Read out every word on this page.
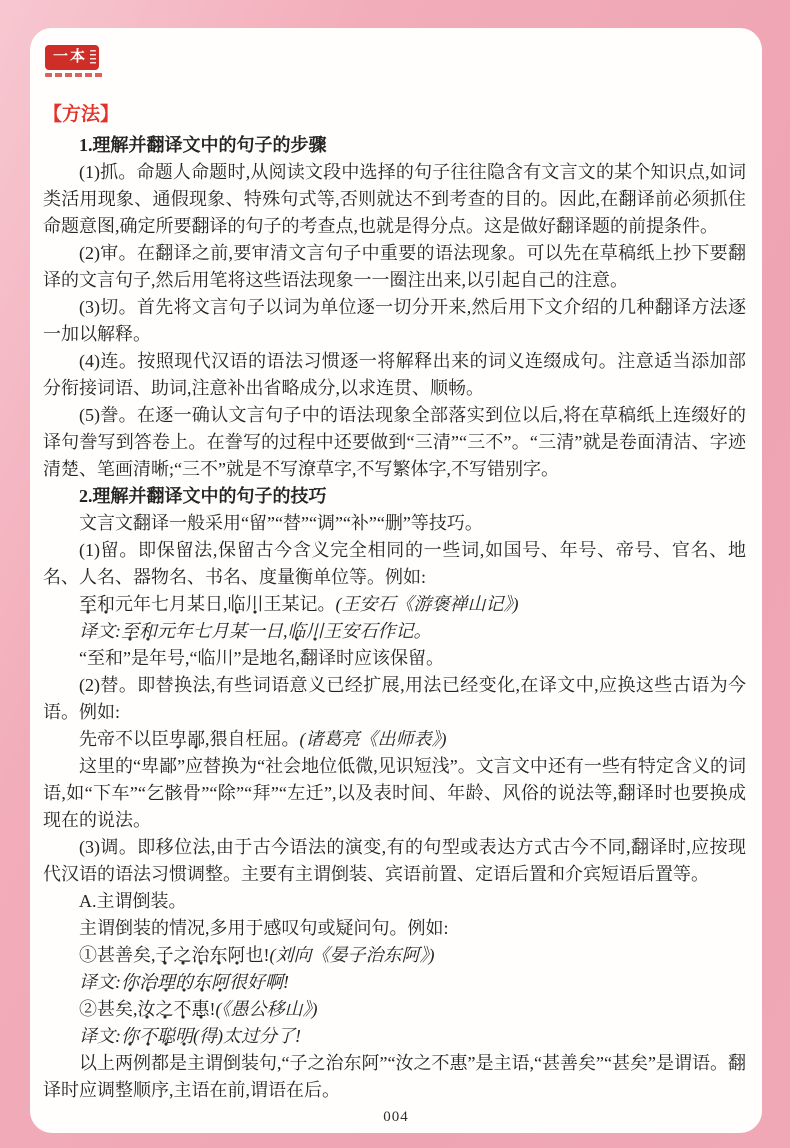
一本
【方法】

1.理解并翻译文中的句子的步骤

(1)抓。命题人命题时,从阅读文段中选择的句子往往隐含有文言文的某个知识点,如词类活用现象、通假现象、特殊句式等,否则就达不到考查的目的。因此,在翻译前必须抓住命题意图,确定所要翻译的句子的考查点,也就是得分点。这是做好翻译题的前提条件。

(2)审。在翻译之前,要审清文言句子中重要的语法现象。可以先在草稿纸上抄下要翻译的文言句子,然后用笔将这些语法现象一一圈注出来,以引起自己的注意。

(3)切。首先将文言句子以词为单位逐一切分开来,然后用下文介绍的几种翻译方法逐一加以解释。

(4)连。按照现代汉语的语法习惯逐一将解释出来的词义连缀成句。注意适当添加部分衔接词语、助词,注意补出省略成分,以求连贯、顺畅。

(5)誊。在逐一确认文言句子中的语法现象全部落实到位以后,将在草稿纸上连缀好的译句誊写到答卷上。在誊写的过程中还要做到“三清”“三不”。“三清”就是卷面清洁、字迹清楚、笔画清晰;“三不”就是不写潦草字,不写繁体字,不写错别字。

2.理解并翻译文中的句子的技巧

文言文翻译一般采用“留”“替”“调”“补”“删”等技巧。

(1)留。即保留法,保留古今含义完全相同的一些词,如国号、年号、帝号、官名、地名、人名、器物名、书名、度量衡单位等。例如:

至和元年七月某日,临川王某记。(王安石《游褒禅山记》)

译文:至和元年七月某一日,临川王安石作记。

“至和”是年号,“临川”是地名,翻译时应该保留。

(2)替。即替换法,有些词语意义已经扩展,用法已经变化,在译文中,应换这些古语为今语。例如:

先帝不以臣卑鄙,猥自枉屈。(诸葛亮《出师表》)

这里的“卑鄙”应替换为“社会地位低微,见识短浅”。文言文中还有一些有特定含义的词语,如“下车”“乞骸骨”“除”“拜”“左迁”,以及表时间、年龄、风俗的说法等,翻译时也要换成现在的说法。

(3)调。即移位法,由于古今语法的演变,有的句型或表达方式古今不同,翻译时,应按现代汉语的语法习惯调整。主要有主谓倒装、宾语前置、定语后置和介宾短语后置等。

A.主谓倒装。

主谓倒装的情况,多用于感叹句或疑问句。例如:

①甚善矣,子之治东阿也!(刘向《晏子治东阿》)

译文:你治理的东阿很好啊!

②甚矣,汝之不惠!(《愚公移山》)

译文:你不聪明(得)太过分了!

以上两例都是主谓倒装句,“子之治东阿”“汝之不惠”是主语,“甚善矣”“甚矣”是谓语。翻译时应调整顺序,主语在前,谓语在后。

004
